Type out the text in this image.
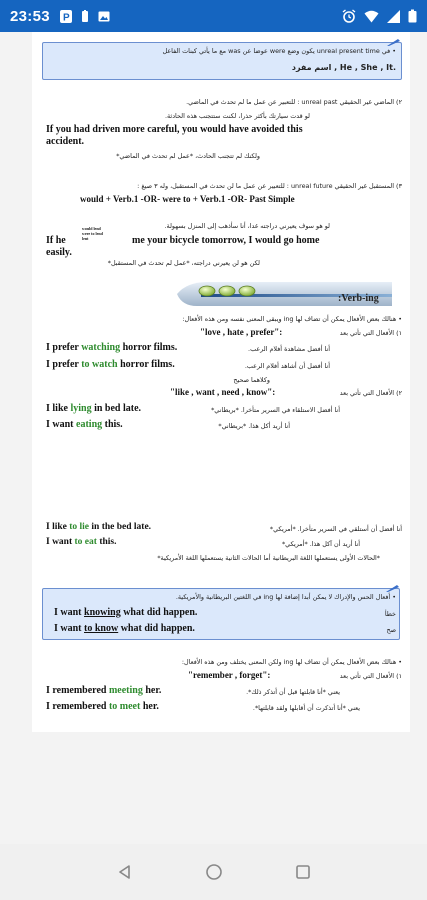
23:53 P
• في unreal present time يكون وضع were عوضا عن was مع ما يأتي كبنات الفاعل
.He , She , It , اسم مفرد
٢) الماضي غير الحقيقي unreal past : للتعبير عن عمل ما لم تحدث في الماضي.
لو قدت سيارتك بأكثر حذرا، لكنت ستتجنب هذه الحادثة.
If you had driven more careful, you would have avoided this
accident.
ولكنك لم تتجنب الحادث، *عمل لم تحدث في الماضي*
٣) المستقبل غير الحقيقي unreal future : للتعبير عن عمل ما لن تحدث في المستقبل، وله ٣ صيغ :
would + Verb.1 -OR- were to + Verb.1 -OR- Past Simple
لو هو سوف يعيرني دراجته غدا، أنا سأذهب إلى المنزل بسهولة.
If he
would lend
were to lend
lent	me your bicycle tomorrow, I would go home
easily.
لكن هو لن يعيرني دراجته، *عمل لم تحدث في المستقبل*
:Verb-ing
• هنالك بعض الأفعال يمكن أن تضاف لها ing ويبقى المعنى نفسه ومن هذه الأفعال:
١) الأفعال التي تأتي بعد
"love , hate , prefer":
I prefer watching horror films.	أنا أفضل مشاهدة أفلام الرعب.
I prefer to watch horror films.	أنا أفضل أن أشاهد أفلام الرعب.
وكلاهما صحيح
٢) الأفعال التي تأتي بعد
"like , want , need , know":
I like lying in bed late.	أنا أفضل الاستلقاء في السرير متأخرا. *بريطاني*
I want eating this.	أنا أريد أكل هذا. *بريطاني*
I like to lie in the bed late.	أنا أفضل أن أستلقي في السرير متأخرا. *أمريكي*
I want to eat this.	أنا أريد أن آكل هذا. *أمريكي*
*الحالات الأولى يستعملها اللغة البريطانية أما الحالات الثانية يستعملها اللغة الأمريكية*
• أفعال الحس والإدراك لا يمكن أبدا إضافة لها ing في اللغتين البريطانية والأمريكية.
I want knowing what did happen.	خطأ
I want to know what did happen.	صح
• هنالك بعض الأفعال يمكن أن تضاف لها ing ولكن المعنى يختلف ومن هذه الأفعال:
١) الأفعال التي تأتي بعد
"remember , forget":
I remembered meeting her.	يعني *أنا قابلتها قبل أن أتذكر ذلك*.
I remembered to meet her.	يعني *أنا أتذكرت أن أقابلها ولقد قابلتها*.
